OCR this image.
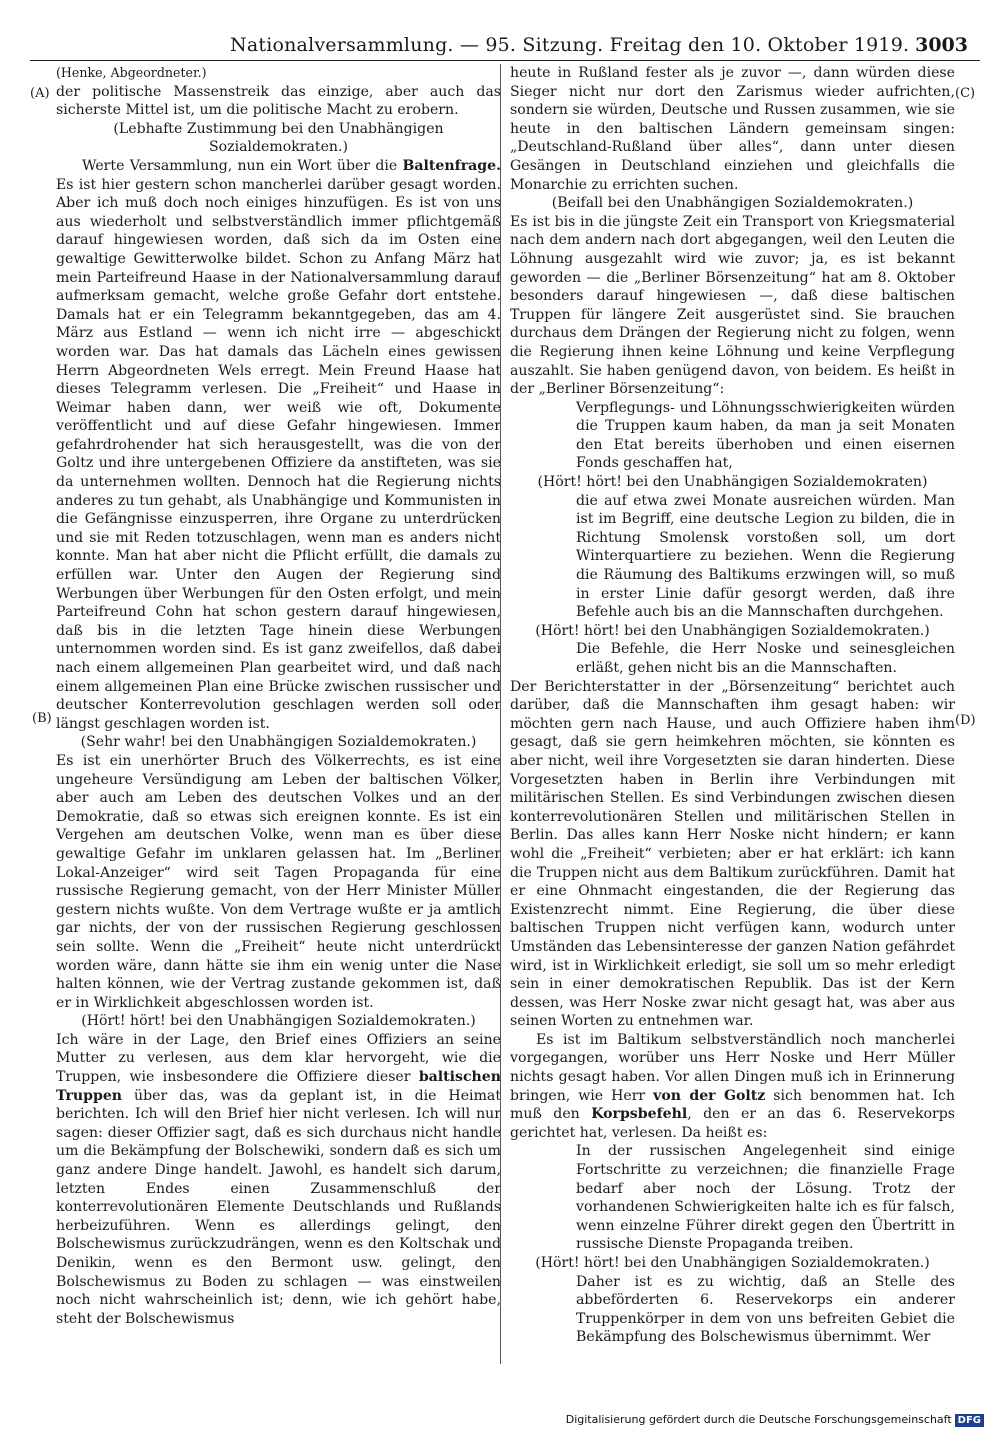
Nationalversammlung. — 95. Sitzung. Freitag den 10. Oktober 1919. 3003
(A)
(B)
(C)
(D)

(Henke, Abgeordneter.)

der politische Massenstreik das einzige, aber auch das sicherste Mittel ist, um die politische Macht zu erobern.

(Lebhafte Zustimmung bei den Unabhängigen Sozialdemokraten.)

Werte Versammlung, nun ein Wort über die Baltenfrage. Es ist hier gestern schon mancherlei darüber gesagt worden. Aber ich muß doch noch einiges hinzufügen. Es ist von uns aus wiederholt und selbstverständlich immer pflichtgemäß darauf hingewiesen worden, daß sich da im Osten eine gewaltige Gewitterwolke bildet. Schon zu Anfang März hat mein Parteifreund Haase in der Nationalversammlung darauf aufmerksam gemacht, welche große Gefahr dort entstehe. Damals hat er ein Telegramm bekanntgegeben, das am 4. März aus Estland — wenn ich nicht irre — abgeschickt worden war. Das hat damals das Lächeln eines gewissen Herrn Abgeordneten Wels erregt. Mein Freund Haase hat dieses Telegramm verlesen. Die „Freiheit“ und Haase in Weimar haben dann, wer weiß wie oft, Dokumente veröffentlicht und auf diese Gefahr hingewiesen. Immer gefahrdrohender hat sich herausgestellt, was die von der Goltz und ihre untergebenen Offiziere da anstifteten, was sie da unternehmen wollten. Dennoch hat die Regierung nichts anderes zu tun gehabt, als Unabhängige und Kommunisten in die Gefängnisse einzusperren, ihre Organe zu unterdrücken und sie mit Reden totzuschlagen, wenn man es anders nicht konnte. Man hat aber nicht die Pflicht erfüllt, die damals zu erfüllen war. Unter den Augen der Regierung sind Werbungen über Werbungen für den Osten erfolgt, und mein Parteifreund Cohn hat schon gestern darauf hingewiesen, daß bis in die letzten Tage hinein diese Werbungen unternommen worden sind. Es ist ganz zweifellos, daß dabei nach einem allgemeinen Plan gearbeitet wird, und daß nach einem allgemeinen Plan eine Brücke zwischen russischer und deutscher Konterrevolution geschlagen werden soll oder längst geschlagen worden ist.

(Sehr wahr! bei den Unabhängigen Sozialdemokraten.)

Es ist ein unerhörter Bruch des Völkerrechts, es ist eine ungeheure Versündigung am Leben der baltischen Völker, aber auch am Leben des deutschen Volkes und an der Demokratie, daß so etwas sich ereignen konnte. Es ist ein Vergehen am deutschen Volke, wenn man es über diese gewaltige Gefahr im unklaren gelassen hat. Im „Berliner Lokal-Anzeiger“ wird seit Tagen Propaganda für eine russische Regierung gemacht, von der Herr Minister Müller gestern nichts wußte. Von dem Vertrage wußte er ja amtlich gar nichts, der von der russischen Regierung geschlossen sein sollte. Wenn die „Freiheit“ heute nicht unterdrückt worden wäre, dann hätte sie ihm ein wenig unter die Nase halten können, wie der Vertrag zustande gekommen ist, daß er in Wirklichkeit abgeschlossen worden ist.

(Hört! hört! bei den Unabhängigen Sozialdemokraten.)

Ich wäre in der Lage, den Brief eines Offiziers an seine Mutter zu verlesen, aus dem klar hervorgeht, wie die Truppen, wie insbesondere die Offiziere dieser baltischen Truppen über das, was da geplant ist, in die Heimat berichten. Ich will den Brief hier nicht verlesen. Ich will nur sagen: dieser Offizier sagt, daß es sich durchaus nicht handle um die Bekämpfung der Bolschewiki, sondern daß es sich um ganz andere Dinge handelt. Jawohl, es handelt sich darum, letzten Endes einen Zusammenschluß der konterrevolutionären Elemente Deutschlands und Rußlands herbeizuführen. Wenn es allerdings gelingt, den Bolschewismus zurückzudrängen, wenn es den Koltschak und Denikin, wenn es den Bermont usw. gelingt, den Bolschewismus zu Boden zu schlagen — was einstweilen noch nicht wahrscheinlich ist; denn, wie ich gehört habe, steht der Bolschewismus

heute in Rußland fester als je zuvor —, dann würden diese Sieger nicht nur dort den Zarismus wieder aufrichten, sondern sie würden, Deutsche und Russen zusammen, wie sie heute in den baltischen Ländern gemeinsam singen: „Deutschland-Rußland über alles“, dann unter diesen Gesängen in Deutschland einziehen und gleichfalls die Monarchie zu errichten suchen.

(Beifall bei den Unabhängigen Sozialdemokraten.)

Es ist bis in die jüngste Zeit ein Transport von Kriegsmaterial nach dem andern nach dort abgegangen, weil den Leuten die Löhnung ausgezahlt wird wie zuvor; ja, es ist bekannt geworden — die „Berliner Börsenzeitung“ hat am 8. Oktober besonders darauf hingewiesen —, daß diese baltischen Truppen für längere Zeit ausgerüstet sind. Sie brauchen durchaus dem Drängen der Regierung nicht zu folgen, wenn die Regierung ihnen keine Löhnung und keine Verpflegung auszahlt. Sie haben genügend davon, von beidem. Es heißt in der „Berliner Börsenzeitung“:

Verpflegungs- und Löhnungsschwierigkeiten würden die Truppen kaum haben, da man ja seit Monaten den Etat bereits überhoben und einen eisernen Fonds geschaffen hat,

(Hört! hört! bei den Unabhängigen Sozialdemokraten)

die auf etwa zwei Monate ausreichen würden. Man ist im Begriff, eine deutsche Legion zu bilden, die in Richtung Smolensk vorstoßen soll, um dort Winterquartiere zu beziehen. Wenn die Regierung die Räumung des Baltikums erzwingen will, so muß in erster Linie dafür gesorgt werden, daß ihre Befehle auch bis an die Mannschaften durchgehen.

(Hört! hört! bei den Unabhängigen Sozialdemokraten.)

Die Befehle, die Herr Noske und seinesgleichen erläßt, gehen nicht bis an die Mannschaften.

Der Berichterstatter in der „Börsenzeitung“ berichtet auch darüber, daß die Mannschaften ihm gesagt haben: wir möchten gern nach Hause, und auch Offiziere haben ihm gesagt, daß sie gern heimkehren möchten, sie könnten es aber nicht, weil ihre Vorgesetzten sie daran hinderten. Diese Vorgesetzten haben in Berlin ihre Verbindungen mit militärischen Stellen. Es sind Verbindungen zwischen diesen konterrevolutionären Stellen und militärischen Stellen in Berlin. Das alles kann Herr Noske nicht hindern; er kann wohl die „Freiheit“ verbieten; aber er hat erklärt: ich kann die Truppen nicht aus dem Baltikum zurückführen. Damit hat er eine Ohnmacht eingestanden, die der Regierung das Existenzrecht nimmt. Eine Regierung, die über diese baltischen Truppen nicht verfügen kann, wodurch unter Umständen das Lebensinteresse der ganzen Nation gefährdet wird, ist in Wirklichkeit erledigt, sie soll um so mehr erledigt sein in einer demokratischen Republik. Das ist der Kern dessen, was Herr Noske zwar nicht gesagt hat, was aber aus seinen Worten zu entnehmen war.

Es ist im Baltikum selbstverständlich noch mancherlei vorgegangen, worüber uns Herr Noske und Herr Müller nichts gesagt haben. Vor allen Dingen muß ich in Erinnerung bringen, wie Herr von der Goltz sich benommen hat. Ich muß den Korpsbefehl, den er an das 6. Reservekorps gerichtet hat, verlesen. Da heißt es:

In der russischen Angelegenheit sind einige Fortschritte zu verzeichnen; die finanzielle Frage bedarf aber noch der Lösung. Trotz der vorhandenen Schwierigkeiten halte ich es für falsch, wenn einzelne Führer direkt gegen den Übertritt in russische Dienste Propaganda treiben.

(Hört! hört! bei den Unabhängigen Sozialdemokraten.)

Daher ist es zu wichtig, daß an Stelle des abbeförderten 6. Reservekorps ein anderer Truppenkörper in dem von uns befreiten Gebiet die Bekämpfung des Bolschewismus übernimmt. Wer

Digitalisierung gefördert durch die Deutsche Forschungsgemeinschaft DFG
